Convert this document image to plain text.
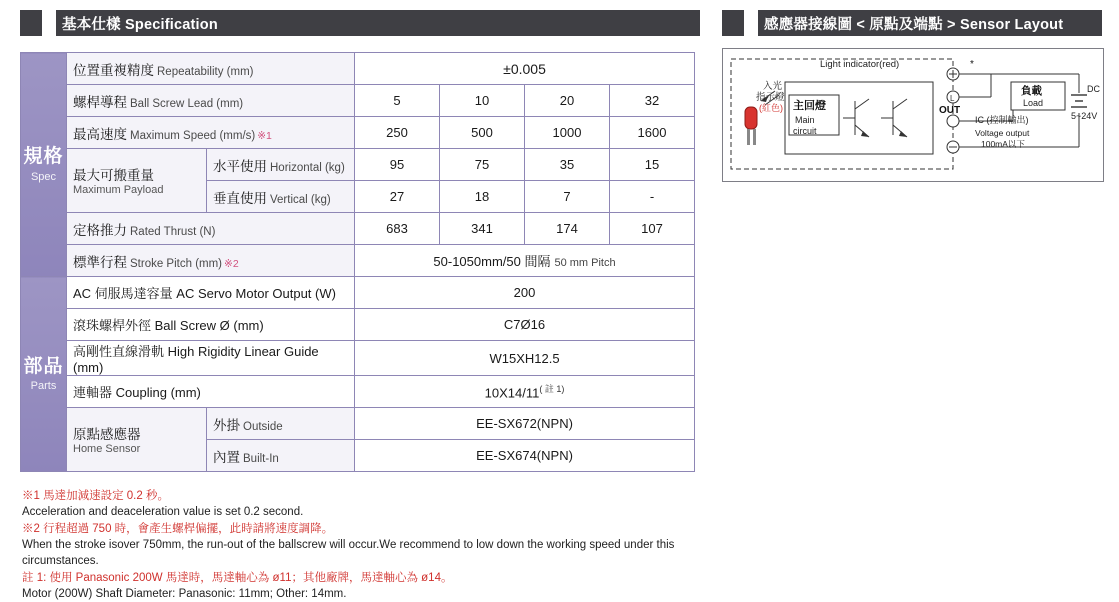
基本仕樣 Specification	感應器接線圖 < 原點及端點 > Sensor Layout
規格
Spec	位置重複精度 Repeatability (mm)		±0.005			
	螺桿導程 Ball Screw Lead (mm)		5	10	20	32
	最高速度 Maximum Speed (mm/s) ※1		250	500	1000	1600
	最大可搬重量
Maximum Payload	水平使用 Horizontal (kg)	95	75	35	15
		垂直使用 Vertical (kg)	27	18	7	-
	定格推力 Rated Thrust (N)		683	341	174	107
	標準行程 Stroke Pitch (mm) ※2		50-1050mm/50 間隔 50 mm Pitch			

部品
Parts	AC 伺服馬達容量 AC Servo Motor Output (W)		200			
	滾珠螺桿外徑 Ball Screw Ø (mm)		C7Ø16			
	高剛性直線滑軌 High Rigidity Linear Guide (mm)		W15XH12.5			
	連軸器 Coupling (mm)		10X14/11$^{( 註 1)}$
	原點感應器
Home Sensor	外掛 Outside	EE-SX672(NPN)			
		內置 Built-In	EE-SX674(NPN)			
※1 馬達加減速設定 0.2 秒。
Acceleration and deaceleration value is set 0.2 second.
※2 行程超過 750 時，會產生螺桿偏擺，此時請將速度調降。
When the stroke isover 750mm, the run-out of the ballscrew will occur.We recommend to low down the working speed under this circumstances.
註 1: 使用 Panasonic 200W 馬達時，馬達軸心為 ø11；其他廠牌，馬達軸心為 ø14。
Motor (200W) Shaft Diameter: Panasonic: 11mm; Other: 14mm.
L
Light indicator(red)
入光
指示燈
(紅色) 主回燈
Main
circuit
OUT
*
IC (控制輸出)
Voltage output
100mA以下
負載
Load
DC
5~24V
